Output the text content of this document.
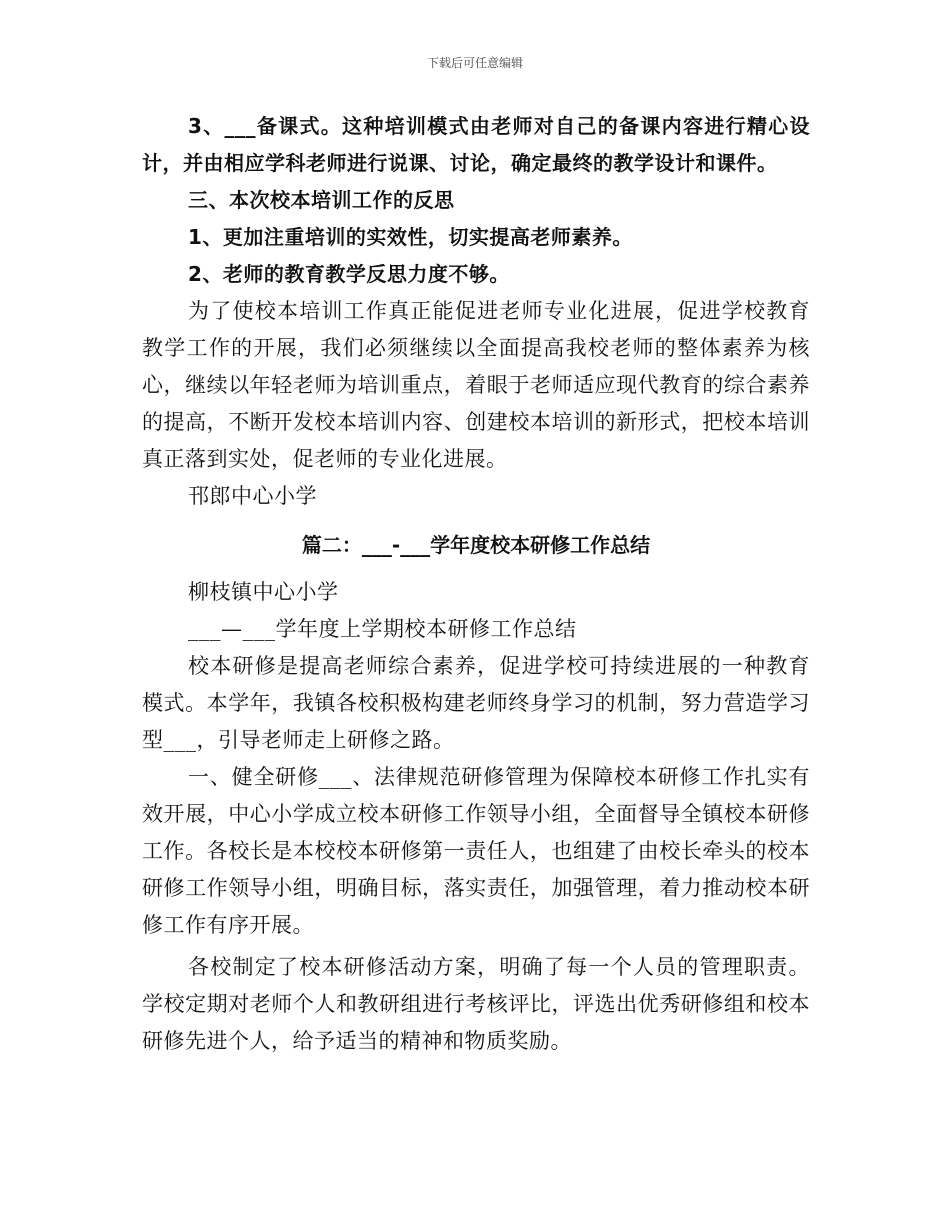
下载后可任意编辑

3、___备课式。这种培训模式由老师对自己的备课内容进行精心设计，并由相应学科老师进行说课、讨论，确定最终的教学设计和课件。

三、本次校本培训工作的反思

1、更加注重培训的实效性，切实提高老师素养。

2、老师的教育教学反思力度不够。

为了使校本培训工作真正能促进老师专业化进展，促进学校教育教学工作的开展，我们必须继续以全面提高我校老师的整体素养为核心，继续以年轻老师为培训重点，着眼于老师适应现代教育的综合素养的提高，不断开发校本培训内容、创建校本培训的新形式，把校本培训真正落到实处，促老师的专业化进展。

邗郎中心小学

篇二：___-___学年度校本研修工作总结

柳枝镇中心小学

___—___学年度上学期校本研修工作总结

校本研修是提高老师综合素养，促进学校可持续进展的一种教育模式。本学年，我镇各校积极构建老师终身学习的机制，努力营造学习型___，引导老师走上研修之路。

一、健全研修___、法律规范研修管理为保障校本研修工作扎实有效开展，中心小学成立校本研修工作领导小组，全面督导全镇校本研修工作。各校长是本校校本研修第一责任人，也组建了由校长牵头的校本研修工作领导小组，明确目标，落实责任，加强管理，着力推动校本研修工作有序开展。

各校制定了校本研修活动方案，明确了每一个人员的管理职责。学校定期对老师个人和教研组进行考核评比，评选出优秀研修组和校本研修先进个人，给予适当的精神和物质奖励。
